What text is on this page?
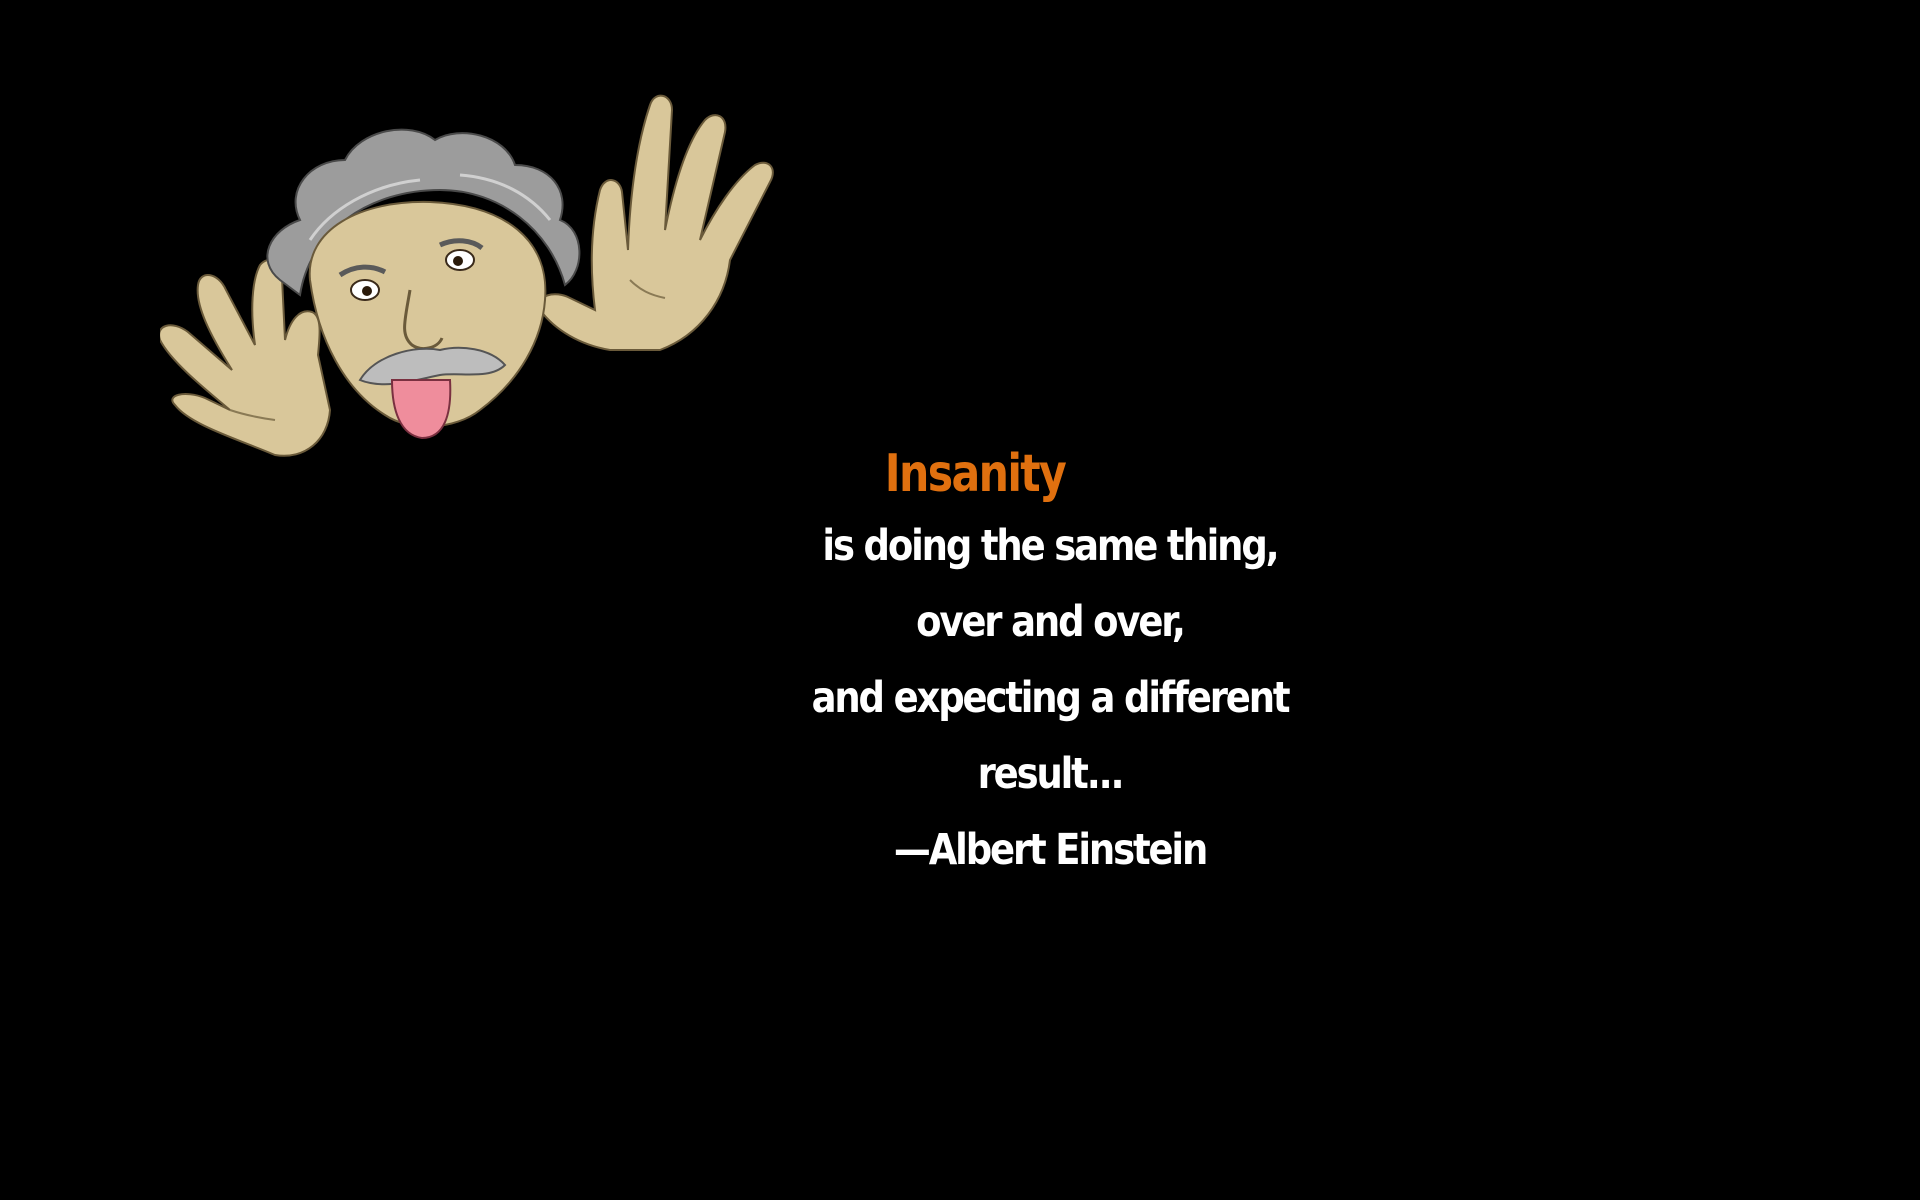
Insanity
is doing the same thing,
over and over,
and expecting a different result...
—Albert Einstein
